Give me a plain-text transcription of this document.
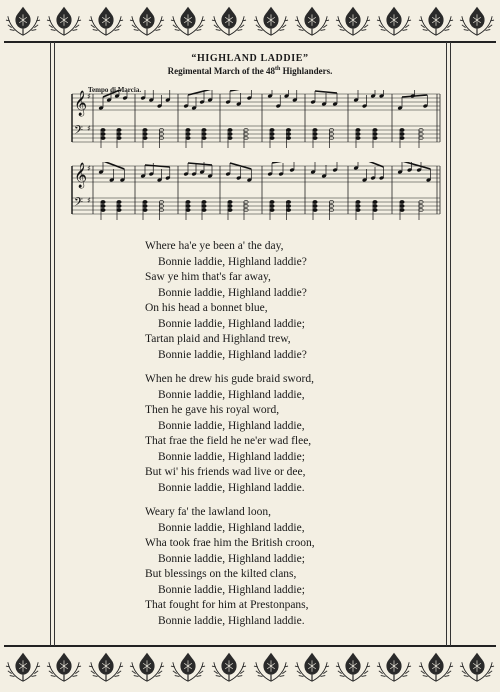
“HIGHLAND LADDIE”
Regimental March of the 48th Highlanders.
Tempo di Marcia.
𝄞 ♯
𝄢 ♯
𝄞 ♯
𝄢 ♯
Where ha'e ye been a' the day,
Bonnie laddie, Highland laddie?
Saw ye him that's far away,
Bonnie laddie, Highland laddie?
On his head a bonnet blue,
Bonnie laddie, Highland laddie;
Tartan plaid and Highland trew,
Bonnie laddie, Highland laddie?
When he drew his gude braid sword,
Bonnie laddie, Highland laddie,
Then he gave his royal word,
Bonnie laddie, Highland laddie,
That frae the field he ne'er wad flee,
Bonnie laddie, Highland laddie;
But wi' his friends wad live or dee,
Bonnie laddie, Highland laddie.
Weary fa' the lawland loon,
Bonnie laddie, Highland laddie,
Wha took frae him the British croon,
Bonnie laddie, Highland laddie;
But blessings on the kilted clans,
Bonnie laddie, Highland laddie;
That fought for him at Prestonpans,
Bonnie laddie, Highland laddie.
